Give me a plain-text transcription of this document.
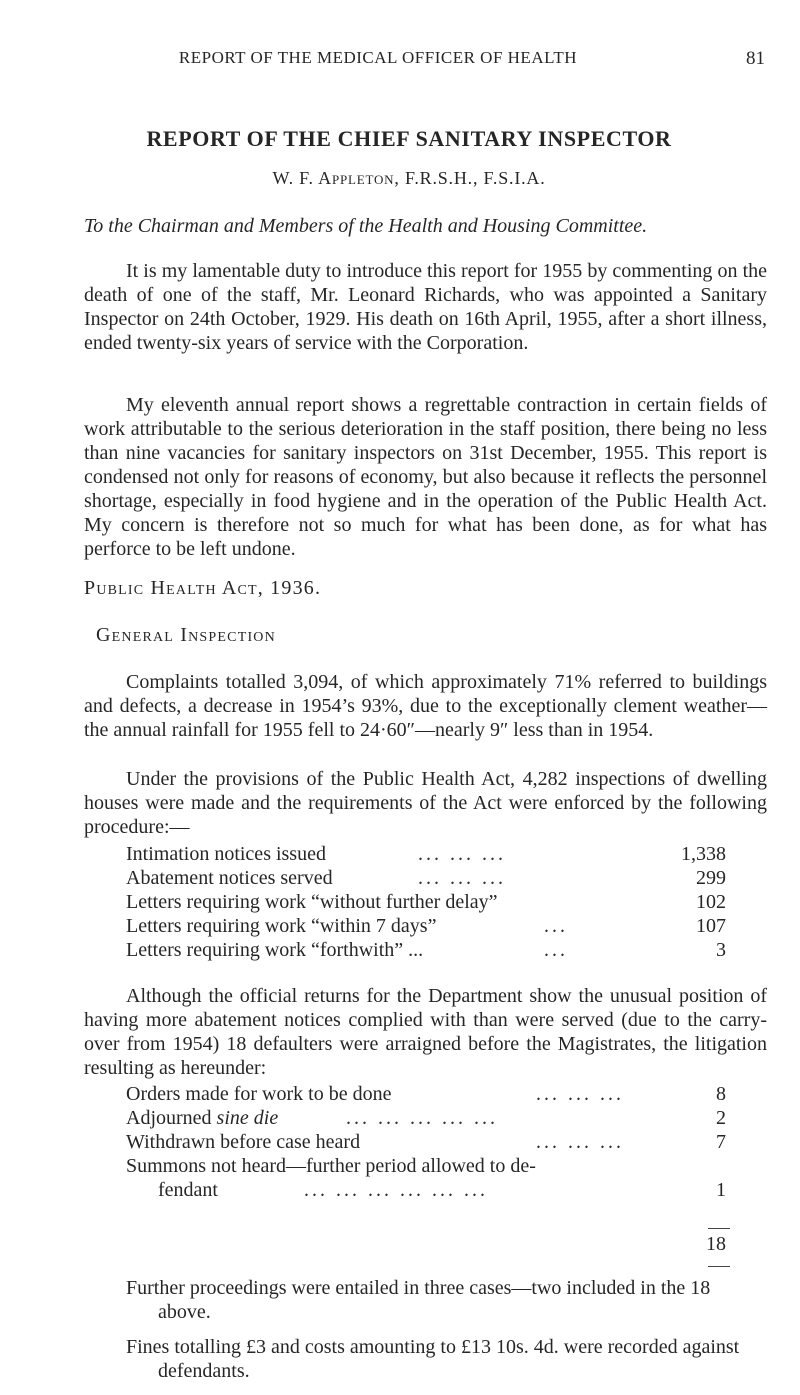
REPORT OF THE MEDICAL OFFICER OF HEALTH	81
REPORT OF THE CHIEF SANITARY INSPECTOR
W. F. Appleton, F.R.S.H., F.S.I.A.
To the Chairman and Members of the Health and Housing Committee.

It is my lamentable duty to introduce this report for 1955 by commenting on the death of one of the staff, Mr. Leonard Richards, who was appointed a Sanitary Inspector on 24th October, 1929. His death on 16th April, 1955, after a short illness, ended twenty-six years of service with the Corporation.

My eleventh annual report shows a regrettable contraction in certain fields of work attributable to the serious deterioration in the staff position, there being no less than nine vacancies for sanitary inspectors on 31st December, 1955. This report is condensed not only for reasons of economy, but also because it reflects the personnel shortage, especially in food hygiene and in the operation of the Public Health Act. My concern is therefore not so much for what has been done, as for what has perforce to be left undone.

Public Health Act, 1936.
General Inspection

Complaints totalled 3,094, of which approximately 71% referred to buildings and defects, a decrease in 1954’s 93%, due to the exceptionally clement weather—the annual rainfall for 1955 fell to 24·60″—nearly 9″ less than in 1954.

Under the provisions of the Public Health Act, 4,282 inspections of dwelling houses were made and the requirements of the Act were enforced by the following procedure:—

Intimation notices issued	... ... ...	1,338
Abatement notices served	... ... ...	299
Letters requiring work “without further delay”	102
Letters requiring work “within 7 days”	...	107
Letters requiring work “forthwith” ...	...	3

Although the official returns for the Department show the unusual position of having more abatement notices complied with than were served (due to the carry-over from 1954) 18 defaulters were arraigned before the Magistrates, the litigation resulting as hereunder:

Orders made for work to be done	... ... ...	8
Adjourned sine die	... ... ... ... ...	2
Withdrawn before case heard	... ... ...	7
Summons not heard—further period allowed to de-
fendant	... ... ... ... ... ...	1
18
Further proceedings were entailed in three cases—two included in the 18 above.
Fines totalling £3 and costs amounting to £13 10s. 4d. were recorded against defendants.
